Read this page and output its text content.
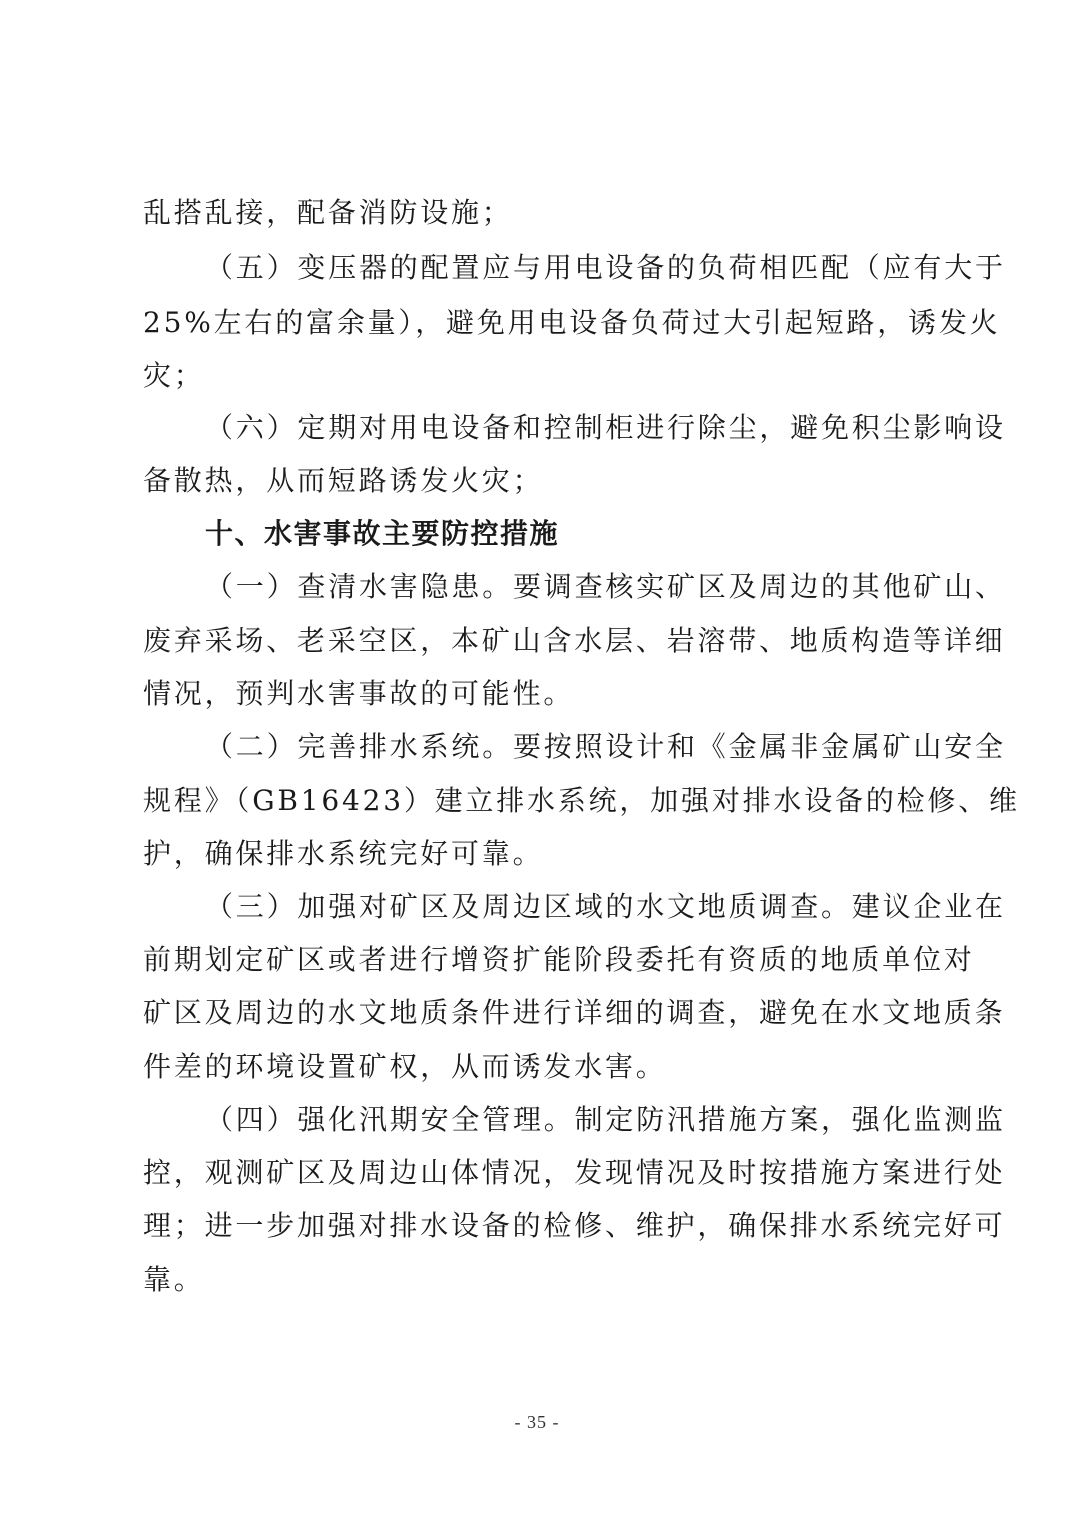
乱搭乱接，配备消防设施；
（五）变压器的配置应与用电设备的负荷相匹配（应有大于
25%左右的富余量），避免用电设备负荷过大引起短路，诱发火
灾；
（六）定期对用电设备和控制柜进行除尘，避免积尘影响设
备散热，从而短路诱发火灾；
十、水害事故主要防控措施
（一）查清水害隐患。要调查核实矿区及周边的其他矿山、
废弃采场、老采空区，本矿山含水层、岩溶带、地质构造等详细
情况，预判水害事故的可能性。
（二）完善排水系统。要按照设计和《金属非金属矿山安全
规程》（GB16423）建立排水系统，加强对排水设备的检修、维
护，确保排水系统完好可靠。
（三）加强对矿区及周边区域的水文地质调查。建议企业在
前期划定矿区或者进行增资扩能阶段委托有资质的地质单位对
矿区及周边的水文地质条件进行详细的调查，避免在水文地质条
件差的环境设置矿权，从而诱发水害。
（四）强化汛期安全管理。制定防汛措施方案，强化监测监
控，观测矿区及周边山体情况，发现情况及时按措施方案进行处
理；进一步加强对排水设备的检修、维护，确保排水系统完好可
靠。
- 35 -
